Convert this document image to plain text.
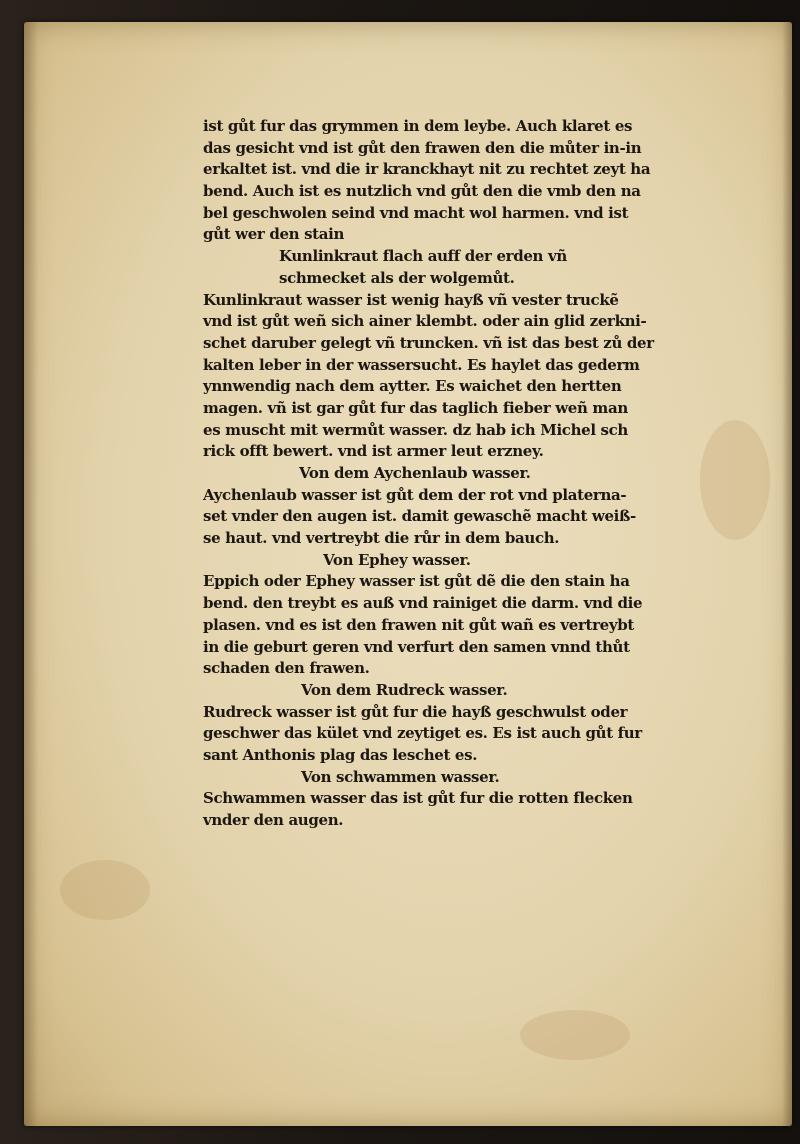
ist gůt fur das grymmen in dem leybe. Auch klaret es
das gesicht vnd ist gůt den frawen den die můter in-in
erkaltet ist. vnd die ir kranckhayt nit zu rechtet zeyt ha
bend. Auch ist es nutzlich vnd gůt den die vmb den na
bel geschwolen seind vnd macht wol harmen. vnd ist
gůt wer den stain
Kunlinkraut flach auff der erden vñ
schmecket als der wolgemůt.
Kunlinkraut wasser ist wenig hayß vñ vester truckẽ
vnd ist gůt weñ sich ainer klembt. oder ain glid zerkni-
schet daruber gelegt vñ truncken. vñ ist das best zů der
kalten leber in der wassersucht. Es haylet das gederm
ynnwendig nach dem aytter. Es waichet den hertten
magen. vñ ist gar gůt fur das taglich fieber weñ man
es muscht mit wermůt wasser. dz hab ich Michel sch
rick offt bewert. vnd ist armer leut erzney.
Von dem Aychenlaub wasser.
Aychenlaub wasser ist gůt dem der rot vnd platerna-
set vnder den augen ist. damit gewaschẽ macht weiß-
se haut. vnd vertreybt die růr in dem bauch.
Von Ephey wasser.
Eppich oder Ephey wasser ist gůt dẽ die den stain ha
bend. den treybt es auß vnd rainiget die darm. vnd die
plasen. vnd es ist den frawen nit gůt wañ es vertreybt
in die geburt geren vnd verfurt den samen vnnd thůt
schaden den frawen.
Von dem Rudreck wasser.
Rudreck wasser ist gůt fur die hayß geschwulst oder
geschwer das kület vnd zeytiget es. Es ist auch gůt fur
sant Anthonis plag das leschet es.
Von schwammen wasser.
Schwammen wasser das ist gůt fur die rotten flecken
vnder den augen.
